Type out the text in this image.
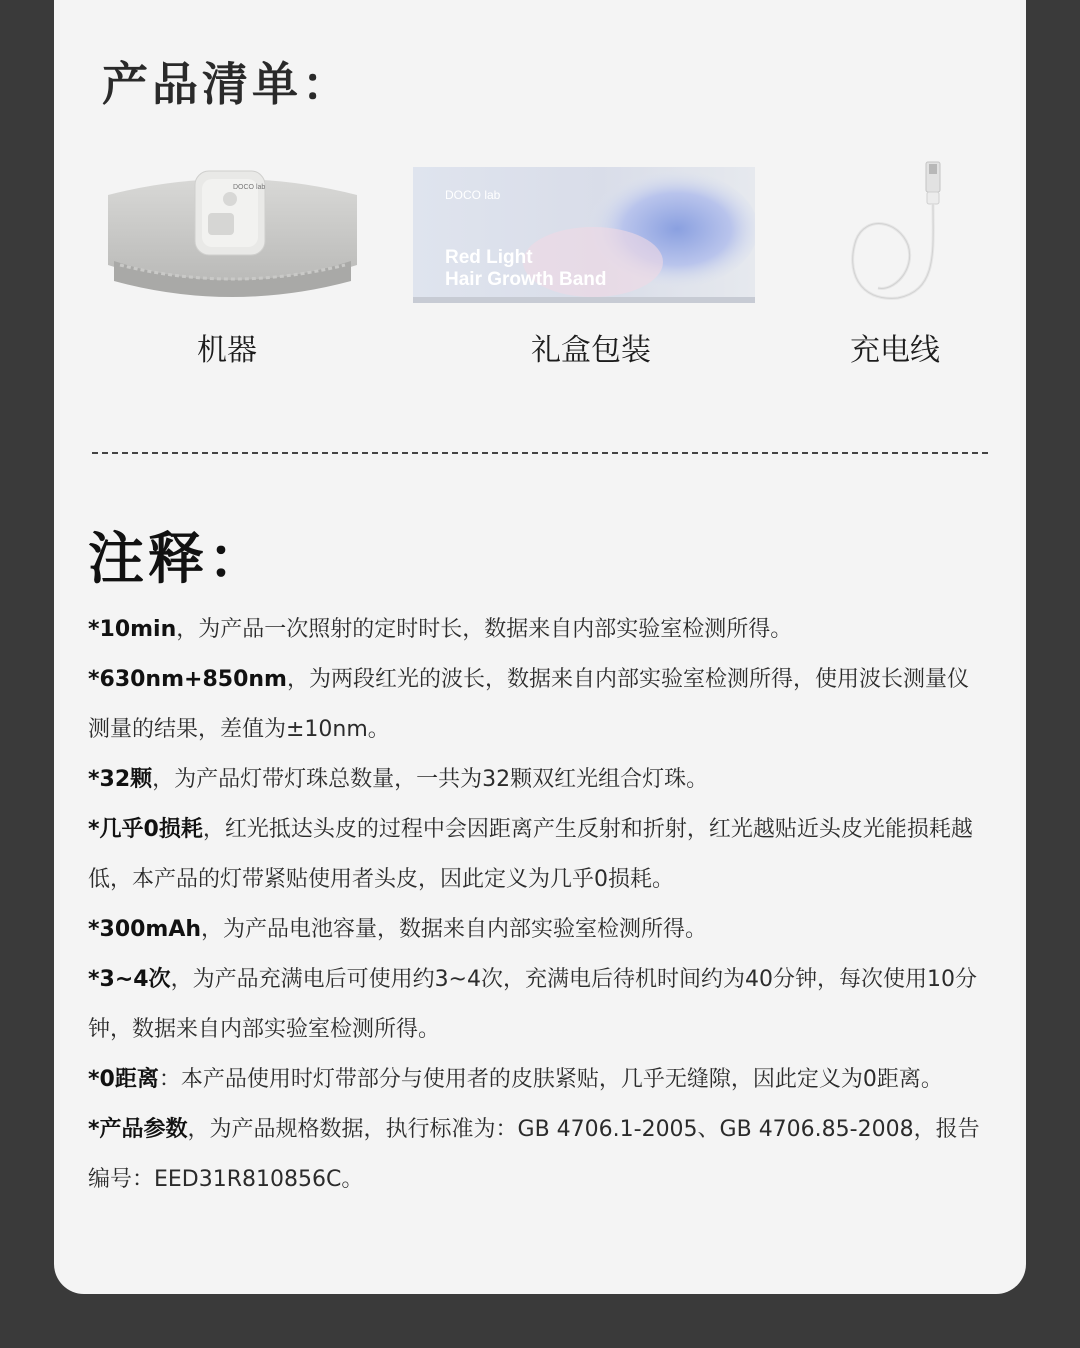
产品清单：
DOCO lab
机器
DOCO lab
Red Light
Hair Growth Band
礼盒包装	充电线
注释：
*10min，为产品一次照射的定时时长，数据来自内部实验室检测所得。
*630nm+850nm，为两段红光的波长，数据来自内部实验室检测所得，使用波长测量仪测量的结果，差值为±10nm。
*32颗，为产品灯带灯珠总数量，一共为32颗双红光组合灯珠。
*几乎0损耗，红光抵达头皮的过程中会因距离产生反射和折射，红光越贴近头皮光能损耗越低，本产品的灯带紧贴使用者头皮，因此定义为几乎0损耗。
*300mAh，为产品电池容量，数据来自内部实验室检测所得。
*3~4次，为产品充满电后可使用约3~4次，充满电后待机时间约为40分钟，每次使用10分钟，数据来自内部实验室检测所得。
*0距离：本产品使用时灯带部分与使用者的皮肤紧贴，几乎无缝隙，因此定义为0距离。
*产品参数，为产品规格数据，执行标准为：GB 4706.1-2005、GB 4706.85-2008，报告编号：EED31R810856C。
